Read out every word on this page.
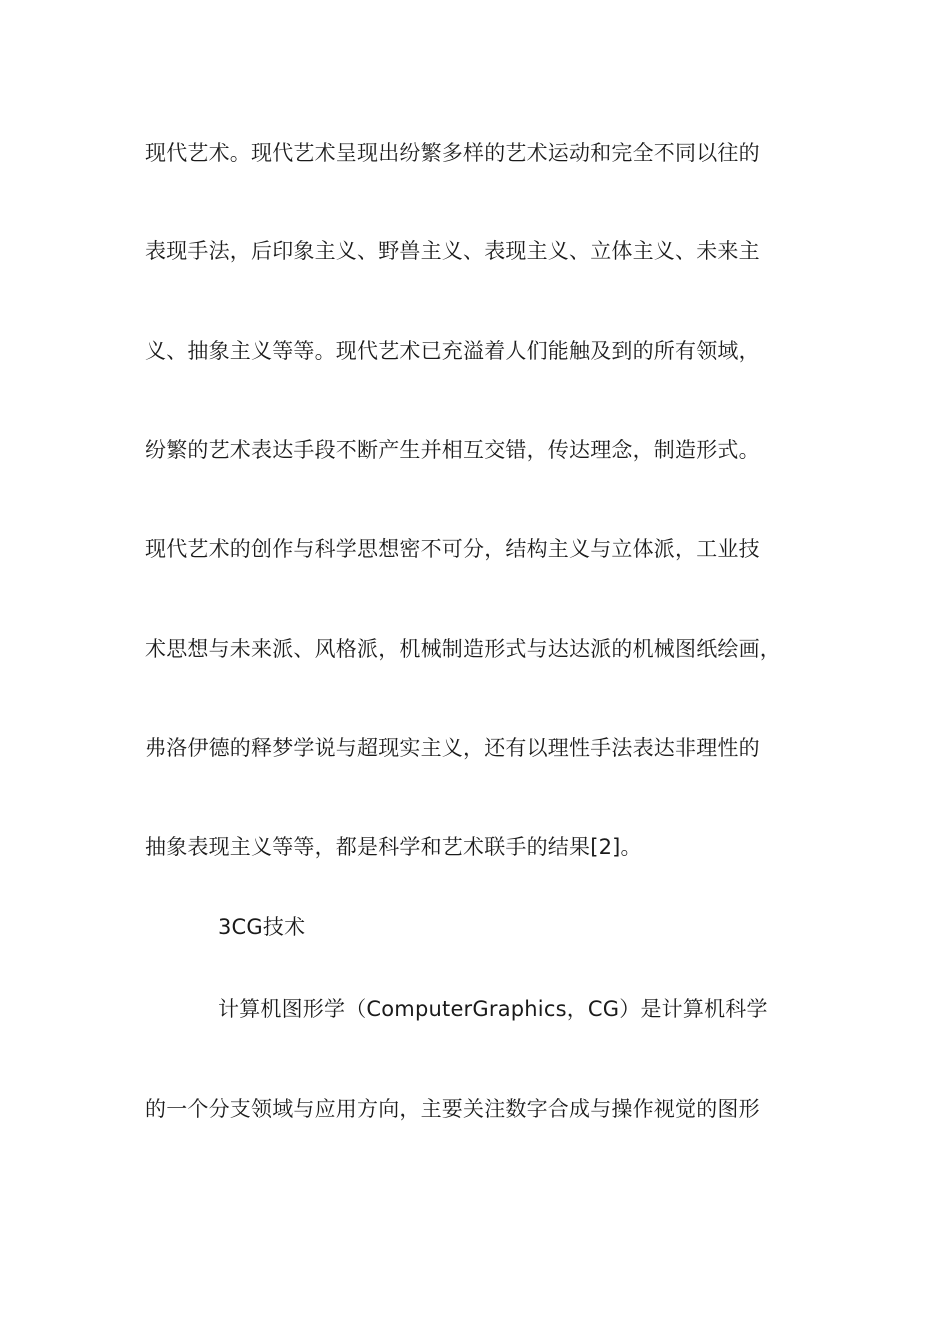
现代艺术。现代艺术呈现出纷繁多样的艺术运动和完全不同以往的
表现手法，后印象主义、野兽主义、表现主义、立体主义、未来主
义、抽象主义等等。现代艺术已充溢着人们能触及到的所有领域，
纷繁的艺术表达手段不断产生并相互交错，传达理念，制造形式。
现代艺术的创作与科学思想密不可分，结构主义与立体派，工业技
术思想与未来派、风格派，机械制造形式与达达派的机械图纸绘画，
弗洛伊德的释梦学说与超现实主义，还有以理性手法表达非理性的
抽象表现主义等等，都是科学和艺术联手的结果[2]。
3CG技术
计算机图形学（ComputerGraphics，CG）是计算机科学
的一个分支领域与应用方向，主要关注数字合成与操作视觉的图形
